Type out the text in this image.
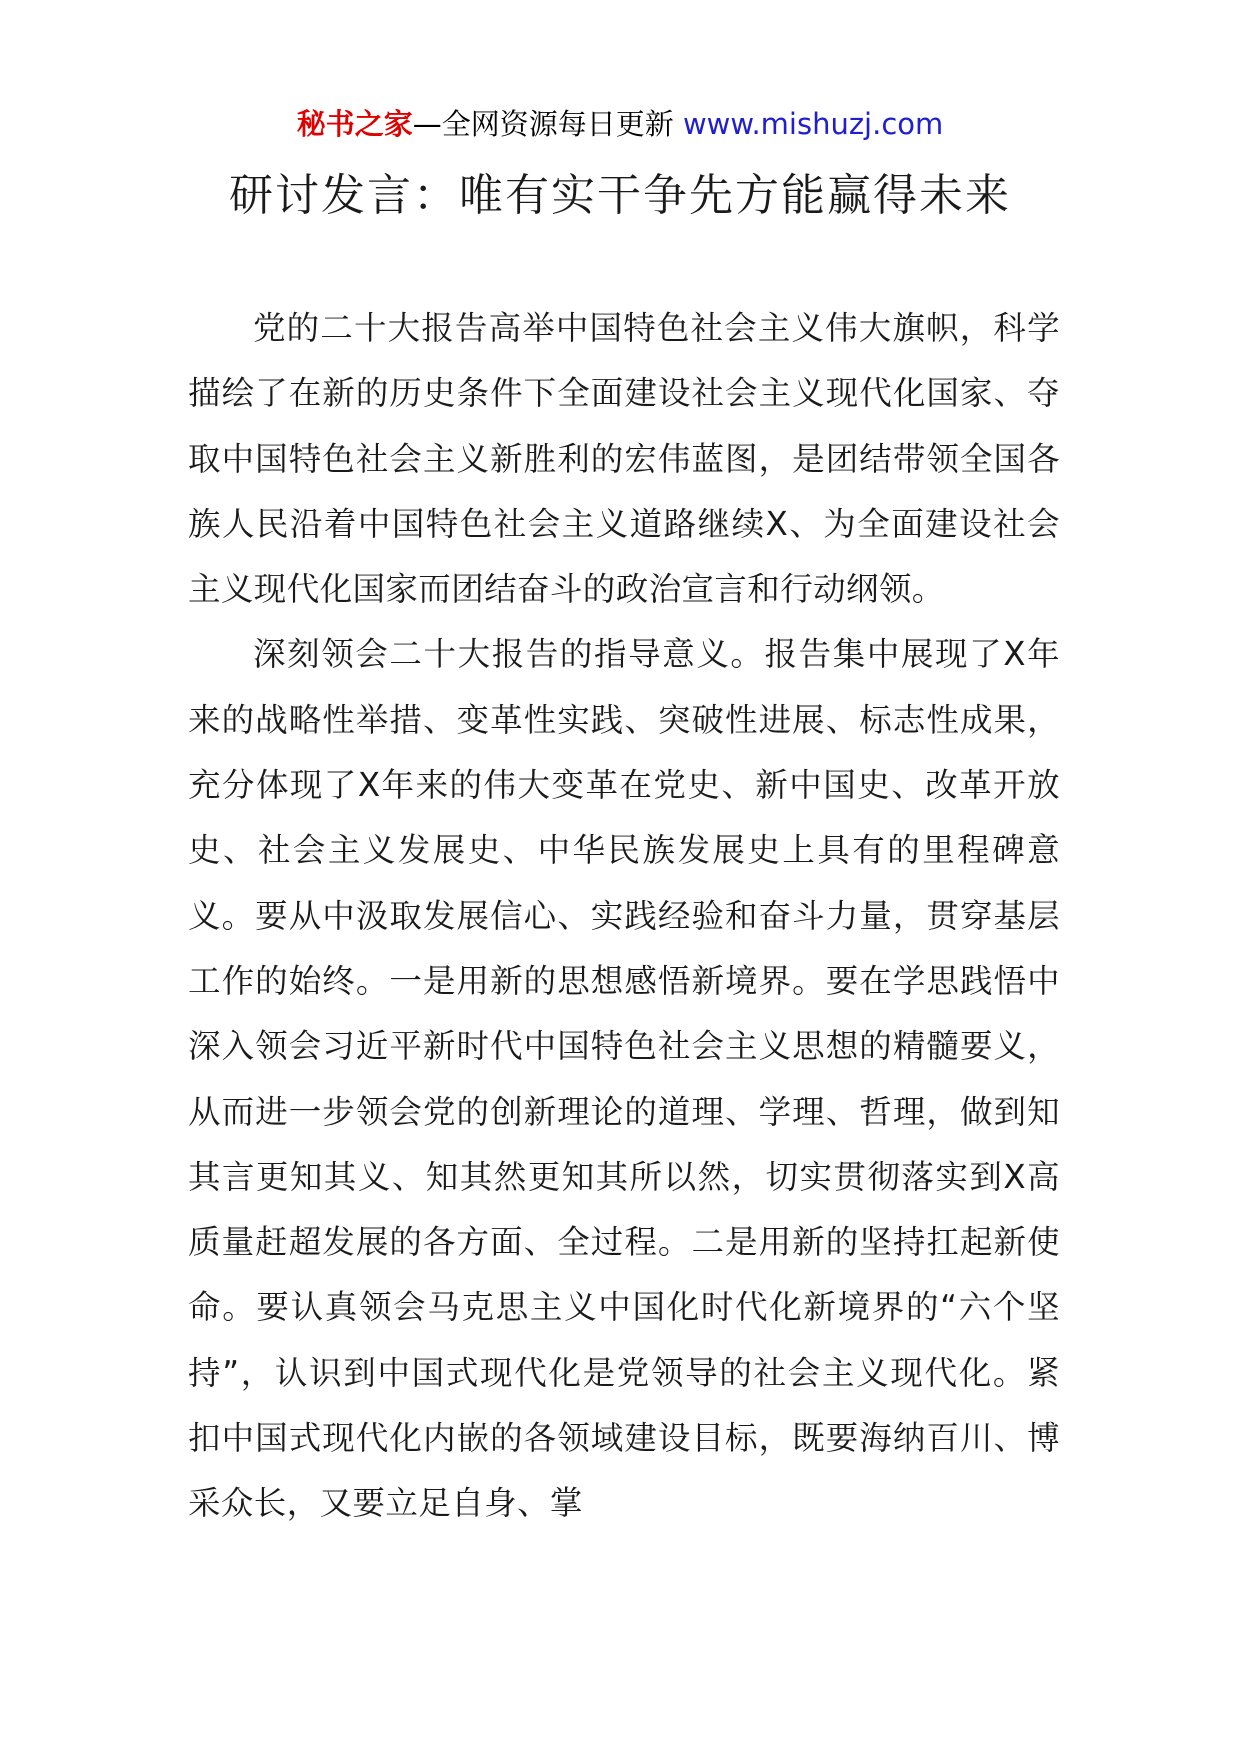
秘书之家—全网资源每日更新 www.mishuzj.com
研讨发言：唯有实干争先方能赢得未来

党的二十大报告高举中国特色社会主义伟大旗帜，科学描绘了在新的历史条件下全面建设社会主义现代化国家、夺取中国特色社会主义新胜利的宏伟蓝图，是团结带领全国各族人民沿着中国特色社会主义道路继续X、为全面建设社会主义现代化国家而团结奋斗的政治宣言和行动纲领。

深刻领会二十大报告的指导意义。报告集中展现了X年来的战略性举措、变革性实践、突破性进展、标志性成果，充分体现了X年来的伟大变革在党史、新中国史、改革开放史、社会主义发展史、中华民族发展史上具有的里程碑意义。要从中汲取发展信心、实践经验和奋斗力量，贯穿基层工作的始终。一是用新的思想感悟新境界。要在学思践悟中深入领会习近平新时代中国特色社会主义思想的精髓要义，从而进一步领会党的创新理论的道理、学理、哲理，做到知其言更知其义、知其然更知其所以然，切实贯彻落实到X高质量赶超发展的各方面、全过程。二是用新的坚持扛起新使命。要认真领会马克思主义中国化时代化新境界的“六个坚持”，认识到中国式现代化是党领导的社会主义现代化。紧扣中国式现代化内嵌的各领域建设目标，既要海纳百川、博采众长，又要立足自身、掌
